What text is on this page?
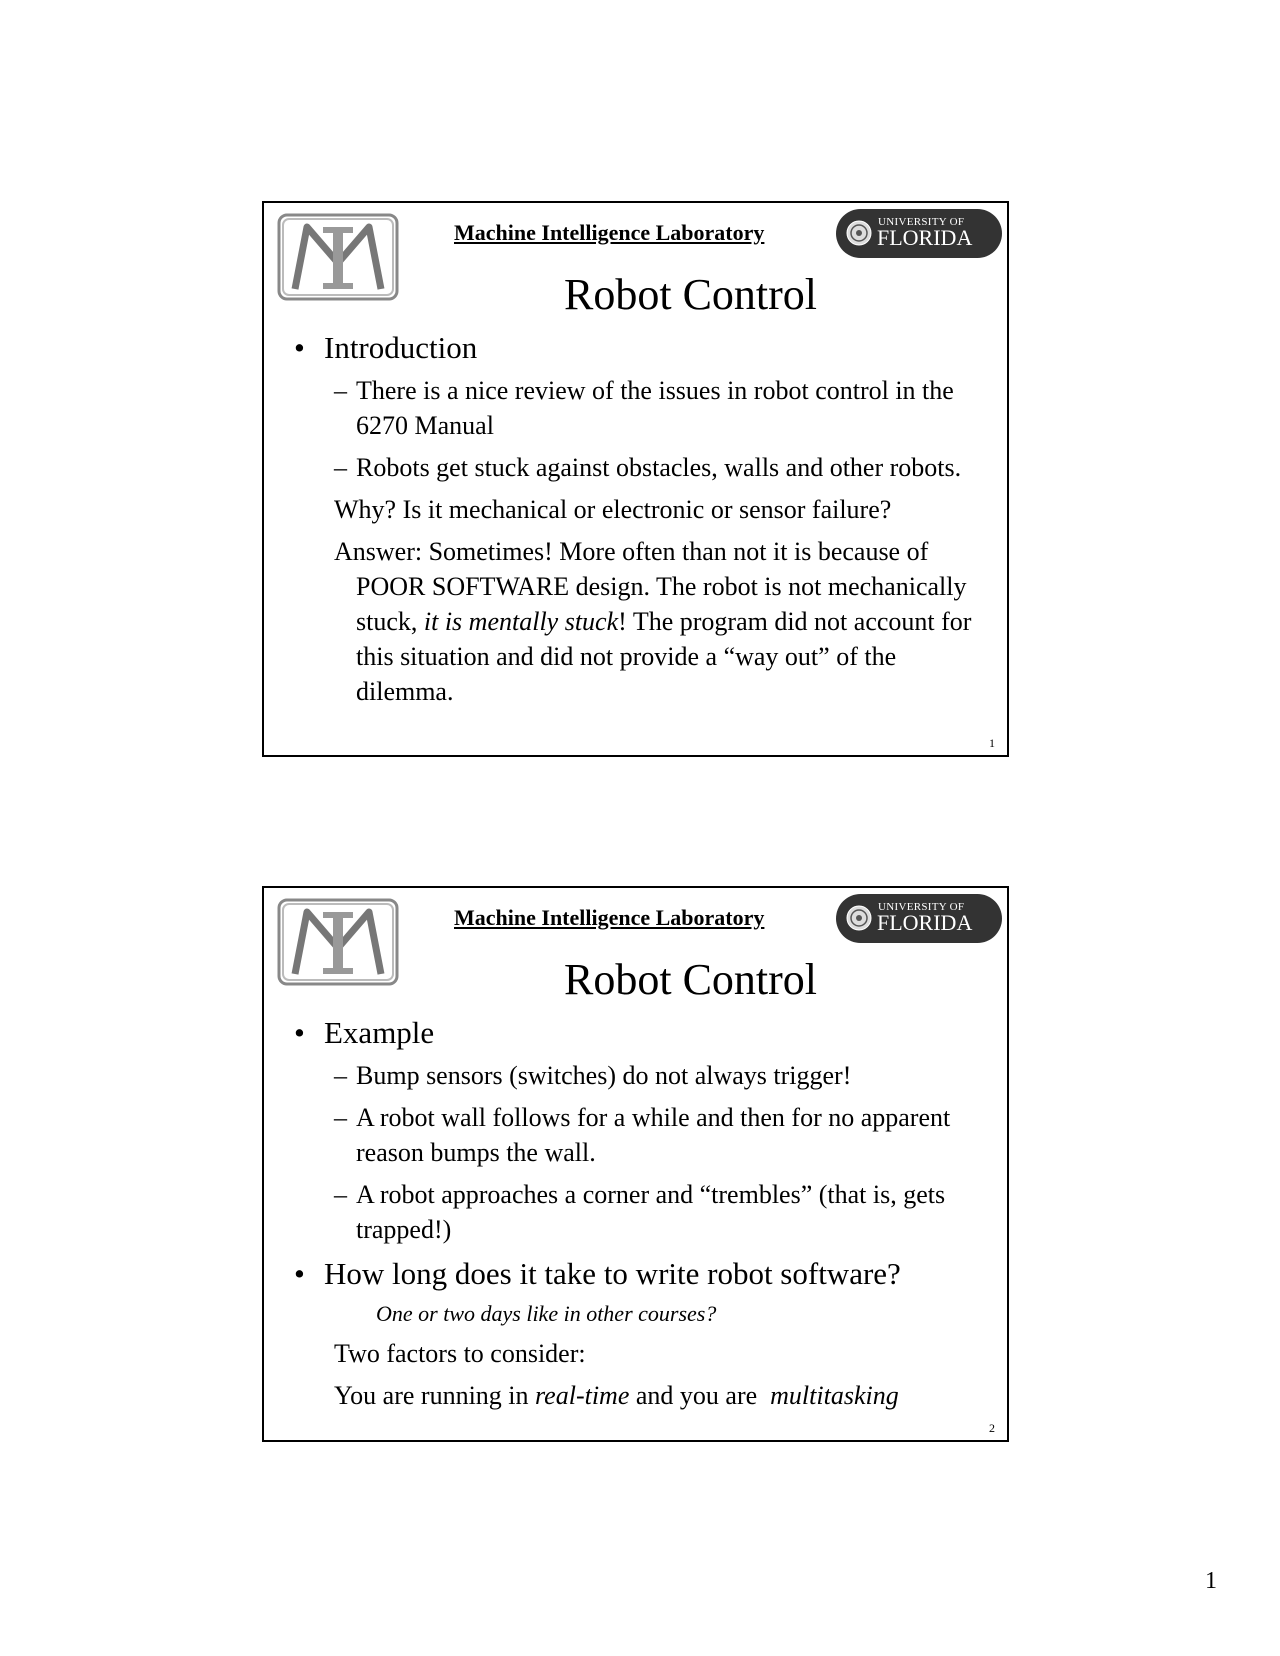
Machine Intelligence Laboratory	UNIVERSITY OF
FLORIDA
Robot Control
• Introduction
– There is a nice review of the issues in robot control in the 6270 Manual
– Robots get stuck against obstacles, walls and other robots.
Why? Is it mechanical or electronic or sensor failure?
Answer: Sometimes! More often than not it is because of POOR SOFTWARE design. The robot is not mechanically stuck, it is mentally stuck! The program did not account for this situation and did not provide a “way out” of the dilemma.
1
Machine Intelligence Laboratory	UNIVERSITY OF
FLORIDA
Robot Control
• Example
– Bump sensors (switches) do not always trigger!
– A robot wall follows for a while and then for no apparent reason bumps the wall.
– A robot approaches a corner and “trembles” (that is, gets trapped!)
• How long does it take to write robot software?
One or two days like in other courses?
Two factors to consider:
You are running in real-time and you are  multitasking
2
1
